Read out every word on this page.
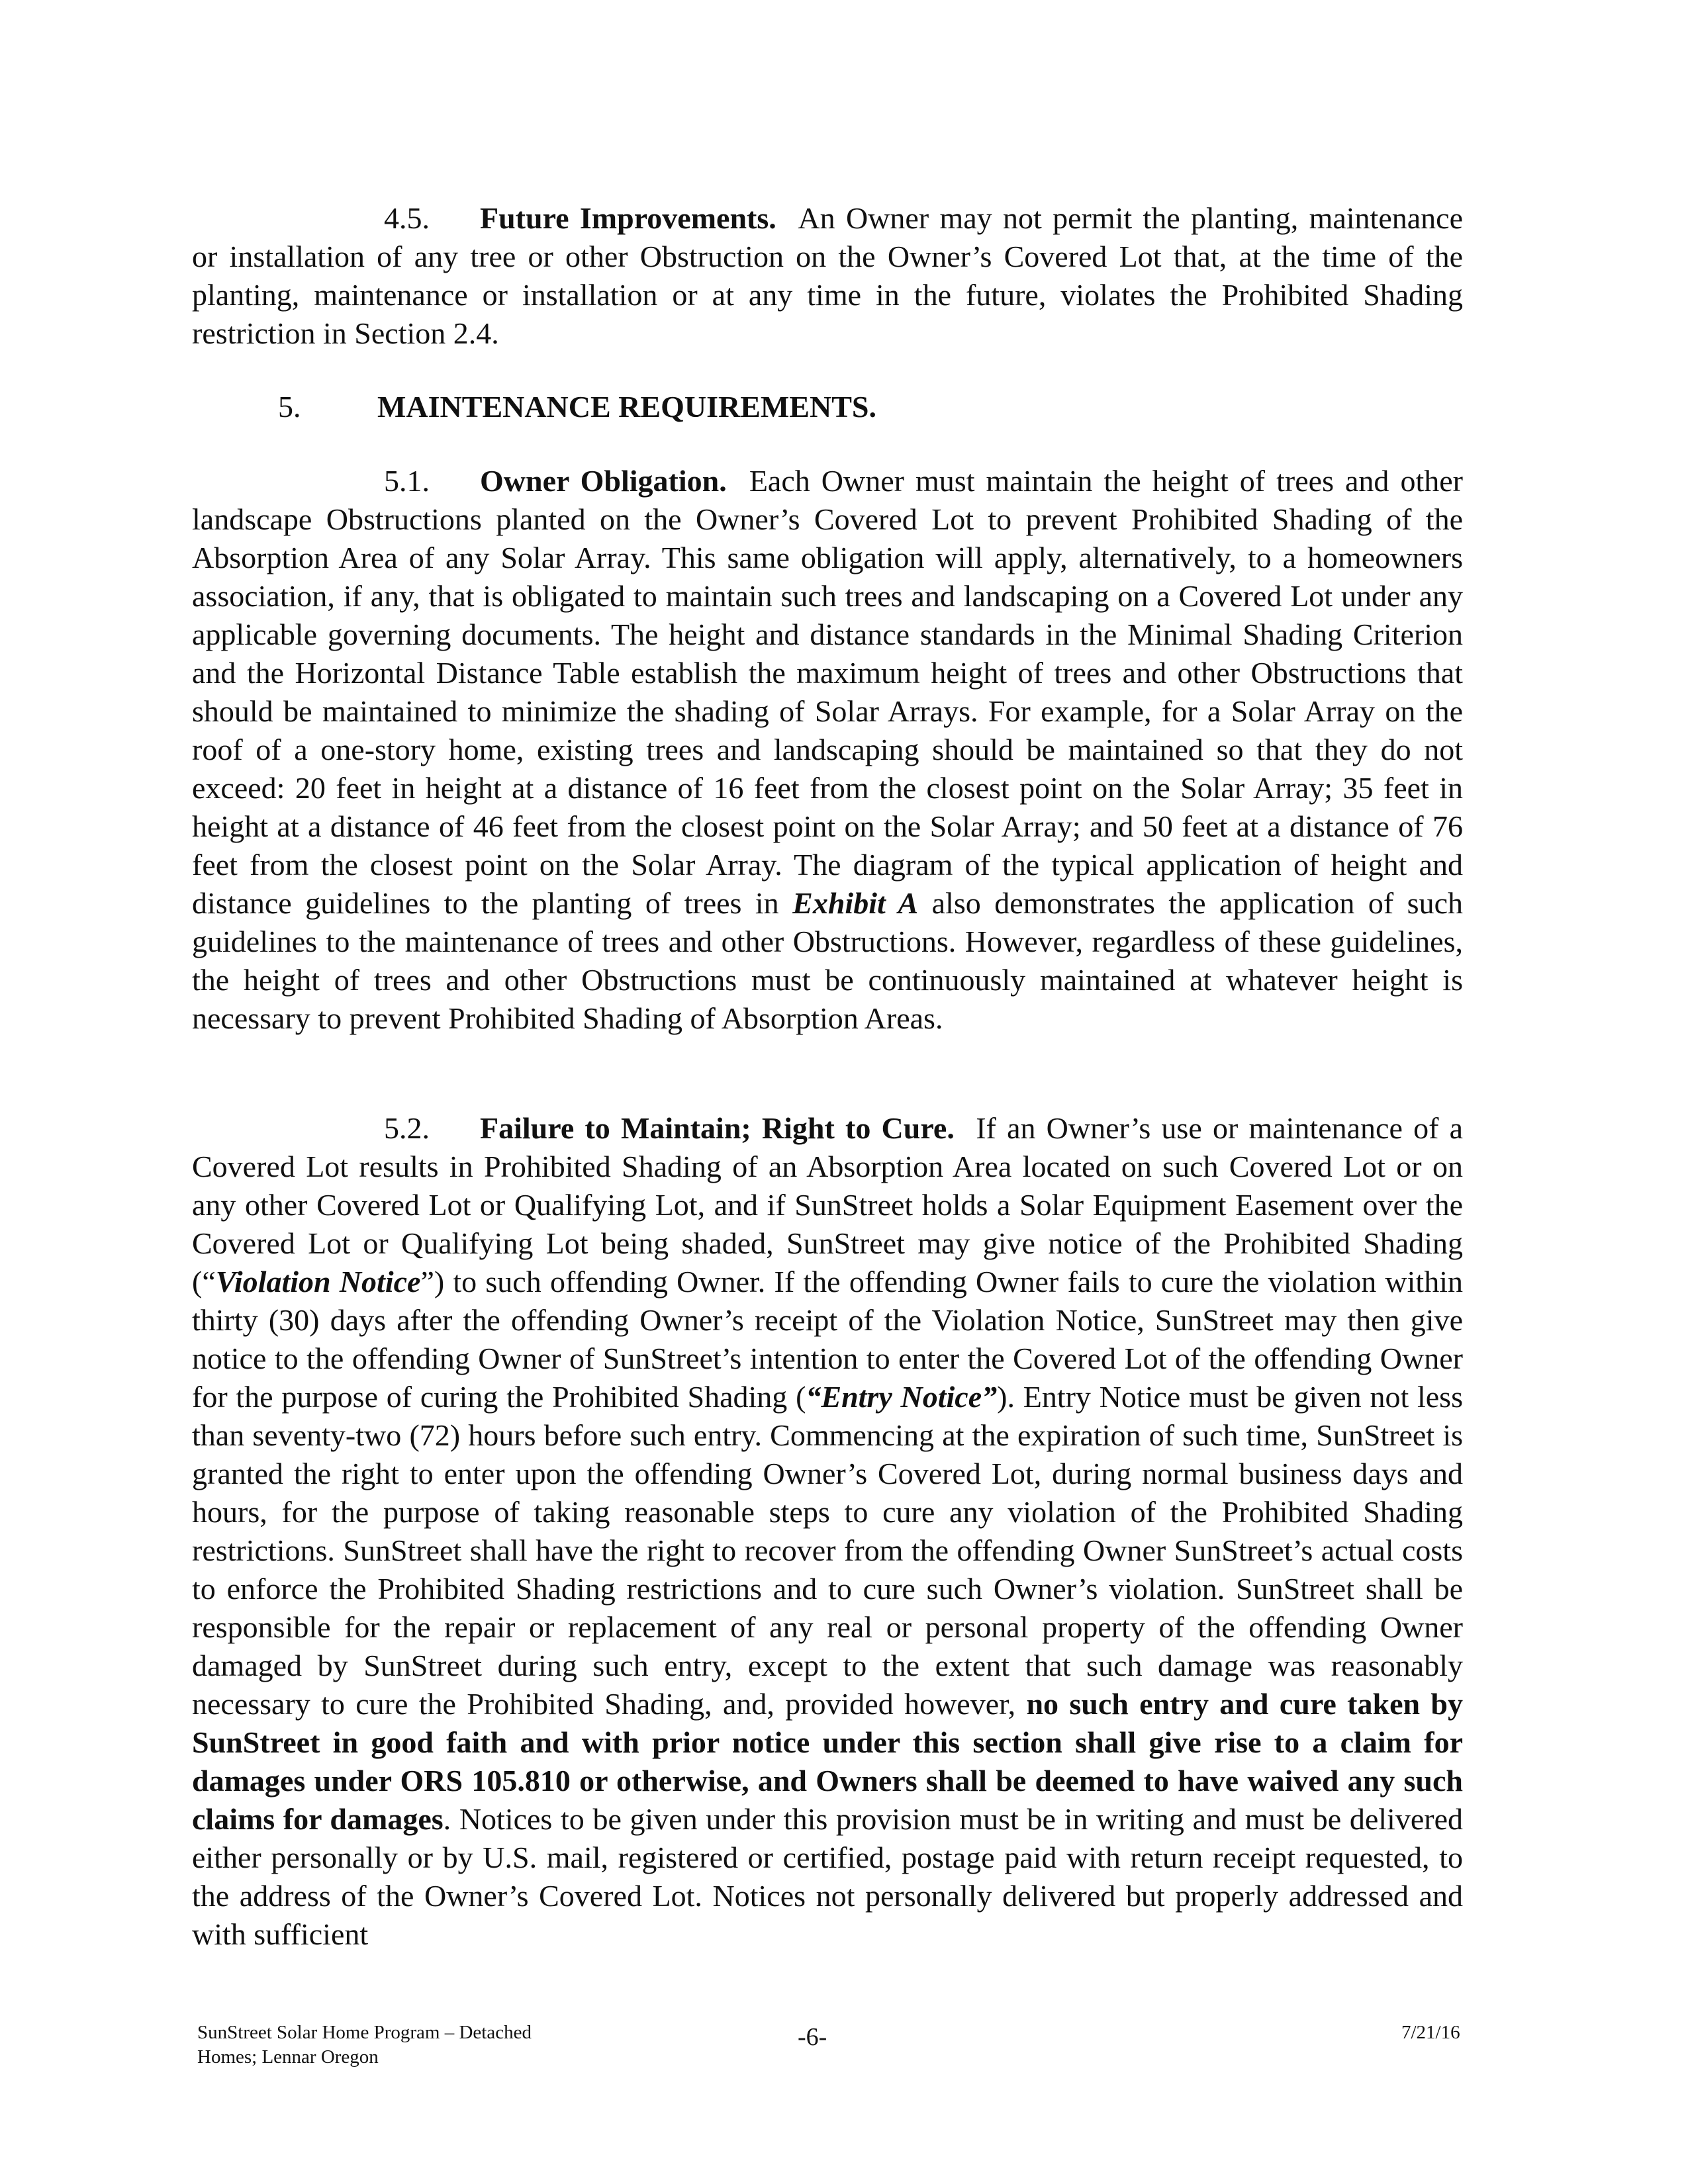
4.5. Future Improvements. An Owner may not permit the planting, maintenance or installation of any tree or other Obstruction on the Owner’s Covered Lot that, at the time of the planting, maintenance or installation or at any time in the future, violates the Prohibited Shading restriction in Section 2.4.

5.	MAINTENANCE REQUIREMENTS.

5.1. Owner Obligation. Each Owner must maintain the height of trees and other landscape Obstructions planted on the Owner’s Covered Lot to prevent Prohibited Shading of the Absorption Area of any Solar Array. This same obligation will apply, alternatively, to a homeowners association, if any, that is obligated to maintain such trees and landscaping on a Covered Lot under any applicable governing documents. The height and distance standards in the Minimal Shading Criterion and the Horizontal Distance Table establish the maximum height of trees and other Obstructions that should be maintained to minimize the shading of Solar Arrays. For example, for a Solar Array on the roof of a one-story home, existing trees and landscaping should be maintained so that they do not exceed: 20 feet in height at a distance of 16 feet from the closest point on the Solar Array; 35 feet in height at a distance of 46 feet from the closest point on the Solar Array; and 50 feet at a distance of 76 feet from the closest point on the Solar Array. The diagram of the typical application of height and distance guidelines to the planting of trees in Exhibit A also demonstrates the application of such guidelines to the maintenance of trees and other Obstructions. However, regardless of these guidelines, the height of trees and other Obstructions must be continuously maintained at whatever height is necessary to prevent Prohibited Shading of Absorption Areas.

5.2. Failure to Maintain; Right to Cure. If an Owner’s use or maintenance of a Covered Lot results in Prohibited Shading of an Absorption Area located on such Covered Lot or on any other Covered Lot or Qualifying Lot, and if SunStreet holds a Solar Equipment Easement over the Covered Lot or Qualifying Lot being shaded, SunStreet may give notice of the Prohibited Shading (“Violation Notice”) to such offending Owner. If the offending Owner fails to cure the violation within thirty (30) days after the offending Owner’s receipt of the Violation Notice, SunStreet may then give notice to the offending Owner of SunStreet’s intention to enter the Covered Lot of the offending Owner for the purpose of curing the Prohibited Shading (“Entry Notice”). Entry Notice must be given not less than seventy-two (72) hours before such entry. Commencing at the expiration of such time, SunStreet is granted the right to enter upon the offending Owner’s Covered Lot, during normal business days and hours, for the purpose of taking reasonable steps to cure any violation of the Prohibited Shading restrictions. SunStreet shall have the right to recover from the offending Owner SunStreet’s actual costs to enforce the Prohibited Shading restrictions and to cure such Owner’s violation. SunStreet shall be responsible for the repair or replacement of any real or personal property of the offending Owner damaged by SunStreet during such entry, except to the extent that such damage was reasonably necessary to cure the Prohibited Shading, and, provided however, no such entry and cure taken by SunStreet in good faith and with prior notice under this section shall give rise to a claim for damages under ORS 105.810 or otherwise, and Owners shall be deemed to have waived any such claims for damages. Notices to be given under this provision must be in writing and must be delivered either personally or by U.S. mail, registered or certified, postage paid with return receipt requested, to the address of the Owner’s Covered Lot. Notices not personally delivered but properly addressed and with sufficient

SunStreet Solar Home Program – Detached
Homes; Lennar Oregon
-6-	7/21/16
